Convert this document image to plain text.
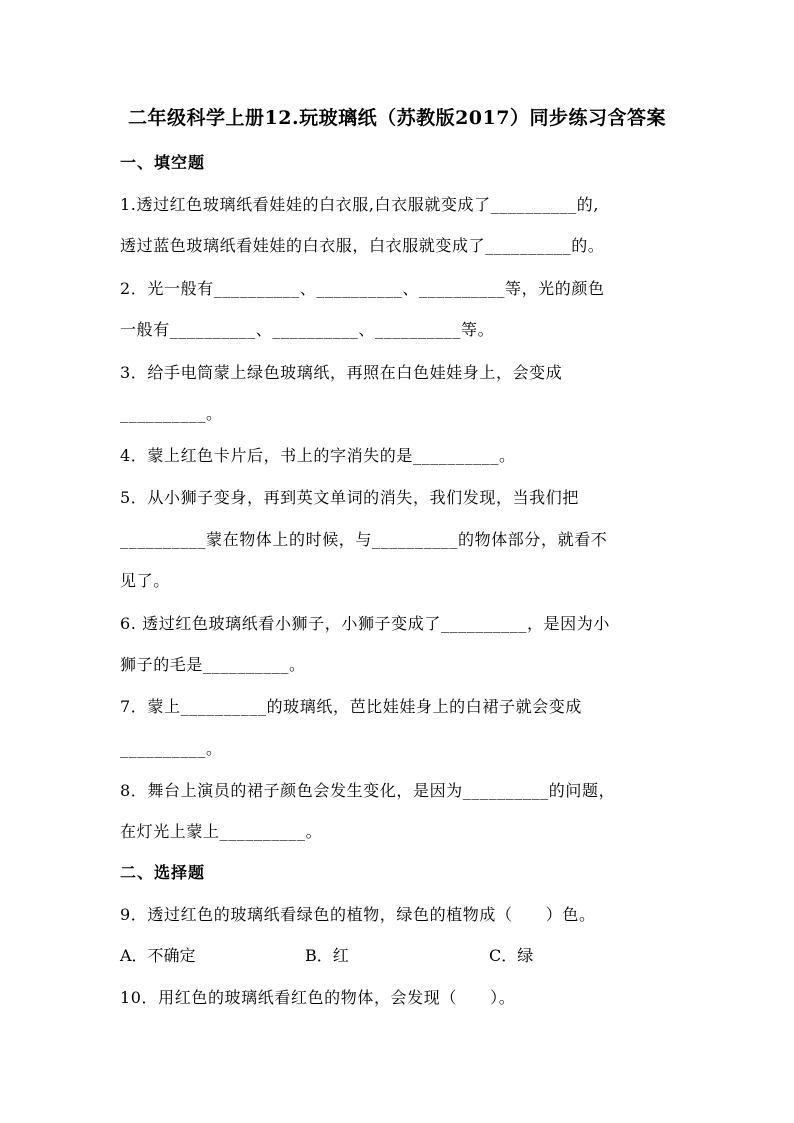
二年级科学上册12.玩玻璃纸（苏教版2017）同步练习含答案
一、填空题
1.透过红色玻璃纸看娃娃的白衣服,白衣服就变成了__________的,
透过蓝色玻璃纸看娃娃的白衣服，白衣服就变成了__________的。
2．光一般有__________、__________、__________等，光的颜色
一般有__________、__________、__________等。
3．给手电筒蒙上绿色玻璃纸，再照在白色娃娃身上，会变成
__________。
4．蒙上红色卡片后，书上的字消失的是__________。
5．从小狮子变身，再到英文单词的消失，我们发现，当我们把
__________蒙在物体上的时候，与__________的物体部分，就看不
见了。
6. 透过红色玻璃纸看小狮子，小狮子变成了__________，是因为小
狮子的毛是__________。
7．蒙上__________的玻璃纸，芭比娃娃身上的白裙子就会变成
__________。
8．舞台上演员的裙子颜色会发生变化，是因为__________的问题，
在灯光上蒙上__________。
二、选择题
9．透过红色的玻璃纸看绿色的植物，绿色的植物成（　　）色。
A．不确定	B．红	C．绿
10．用红色的玻璃纸看红色的物体，会发现（　　）。
